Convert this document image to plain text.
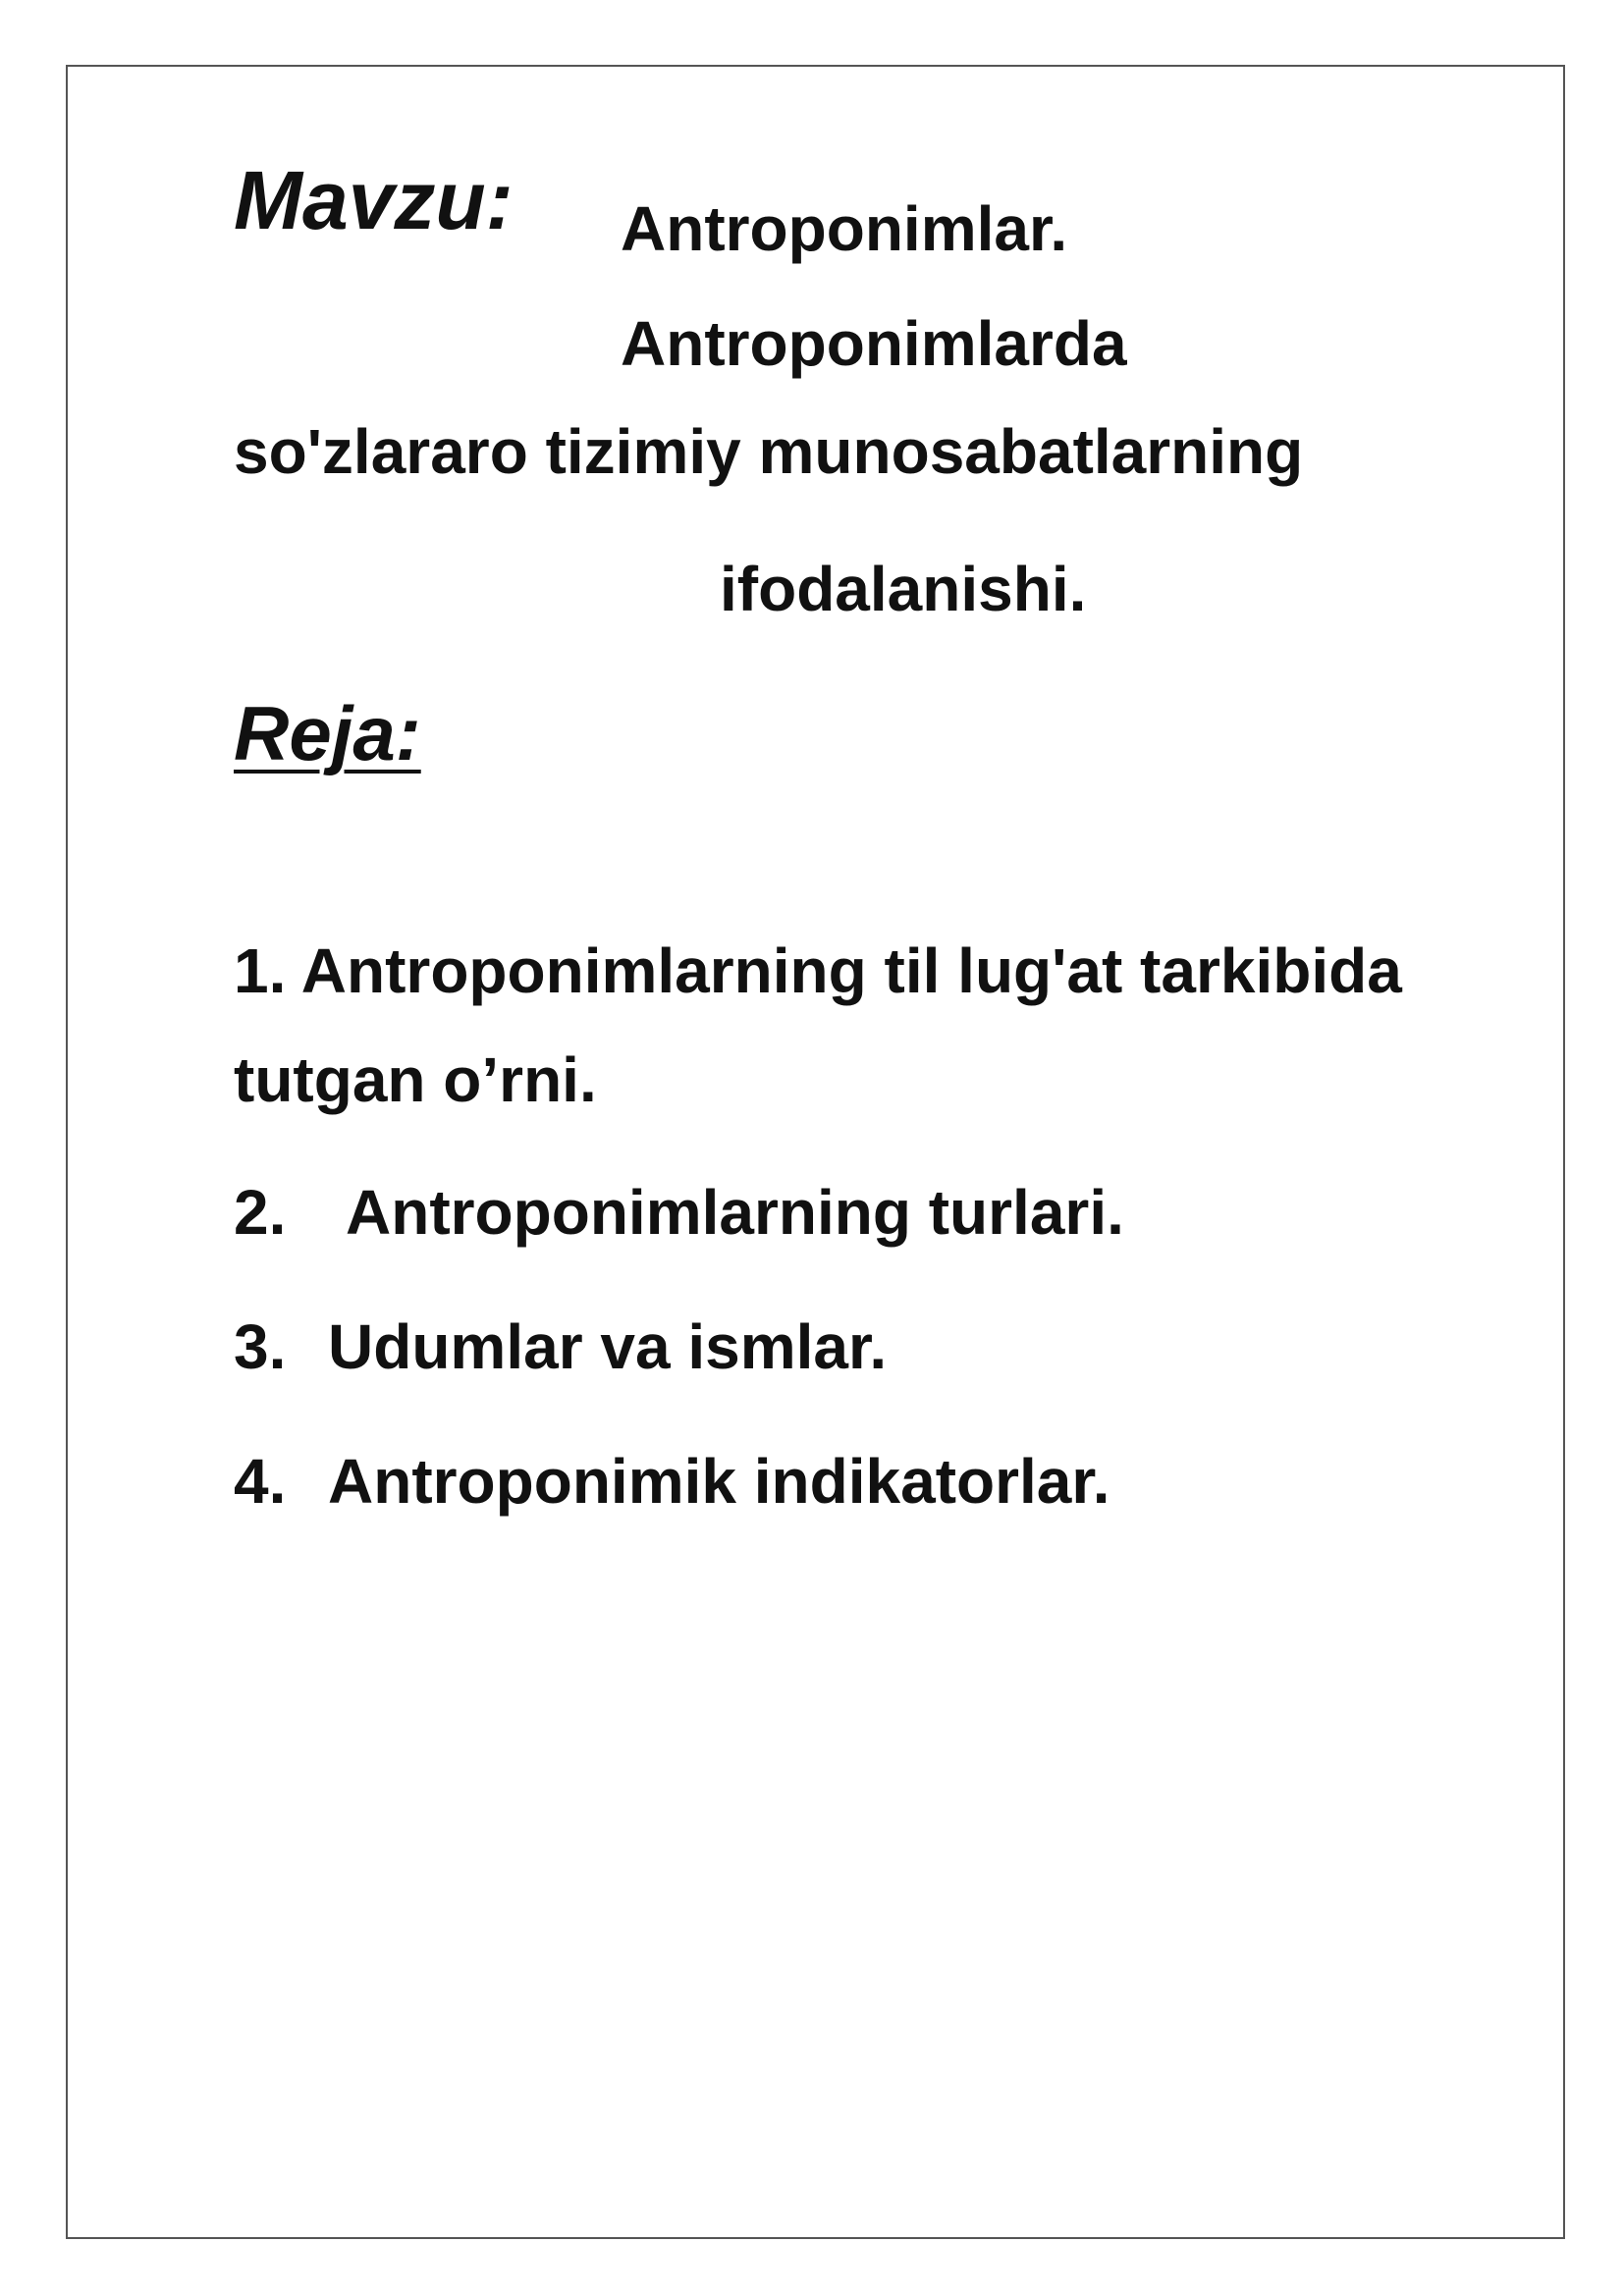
Mavzu: Antroponimlar.
Antroponimlarda
so'zlararo tizimiy munosabatlarning
ifodalanishi.
Reja:
1. Antroponimlarning til lug'at tarkibida
tutgan o’rni.
2. Antroponimlarning turlari.
3. Udumlar va ismlar.
4. Antroponimik indikatorlar.
